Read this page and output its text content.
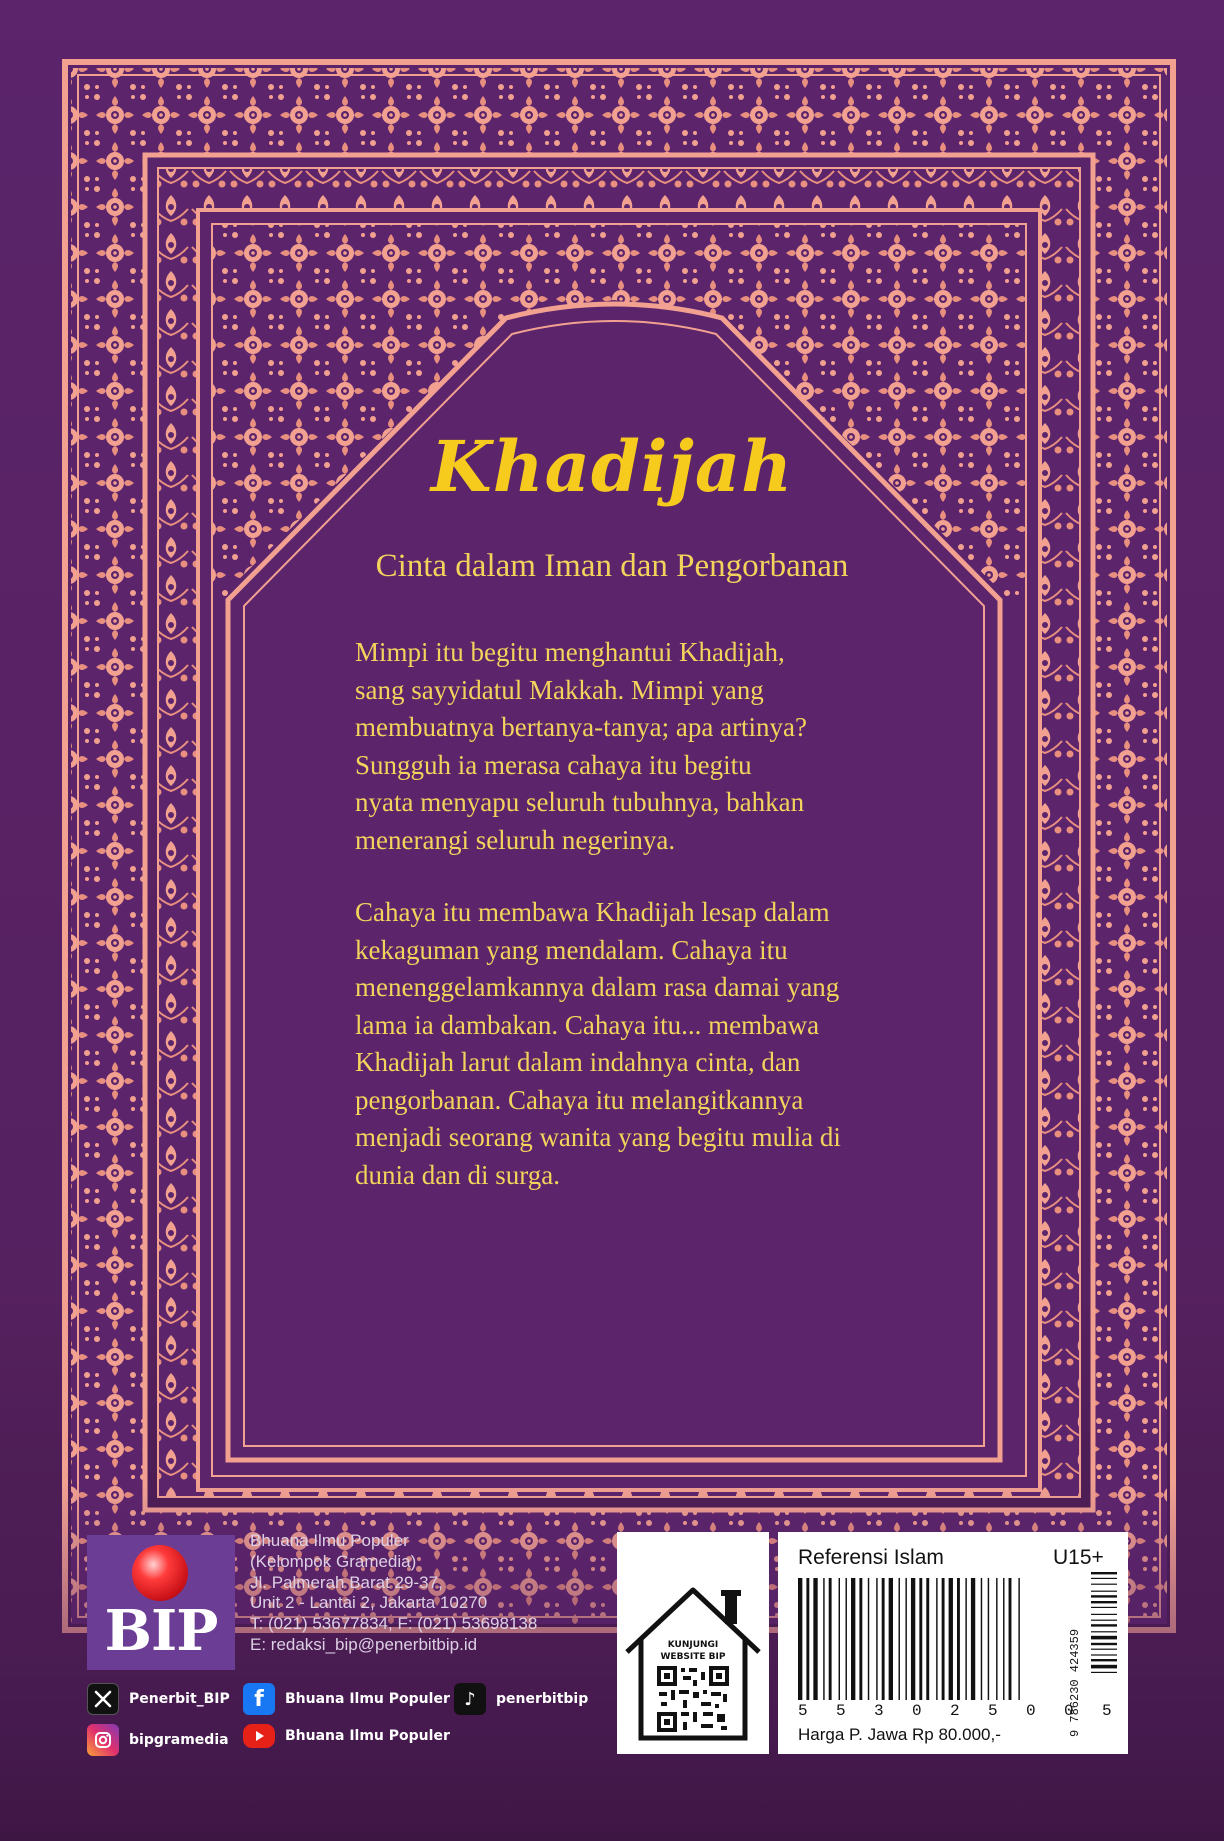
Khadijah
Cinta dalam Iman dan Pengorbanan

Mimpi itu begitu menghantui Khadijah,

sang sayyidatul Makkah. Mimpi yang

membuatnya bertanya-tanya; apa artinya?

Sungguh ia merasa cahaya itu begitu

nyata menyapu seluruh tubuhnya, bahkan

menerangi seluruh negerinya.

Cahaya itu membawa Khadijah lesap dalam

kekaguman yang mendalam. Cahaya itu

menenggelamkannya dalam rasa damai yang

lama ia dambakan. Cahaya itu... membawa

Khadijah larut dalam indahnya cinta, dan

pengorbanan. Cahaya itu melangitkannya

menjadi seorang wanita yang begitu mulia di

dunia dan di surga.

BIP
Bhuana Ilmu Populer
(Kelompok Gramedia)
Jl. Palmerah Barat 29-37,
Unit 2 - Lantai 2, Jakarta 10270
T: (021) 53677834, F: (021) 53698138
E: redaksi_bip@penerbitbip.id
Penerbit_BIP f Bhuana Ilmu Populer ♪ penerbitbip
bipgramedia	Bhuana Ilmu Populer
KUNJUNGI
WEBSITE BIP
Referensi Islam	U15+
5 5 3 0 2 5 0 0 5
Harga P. Jawa Rp 80.000,-	9 786230 424359
